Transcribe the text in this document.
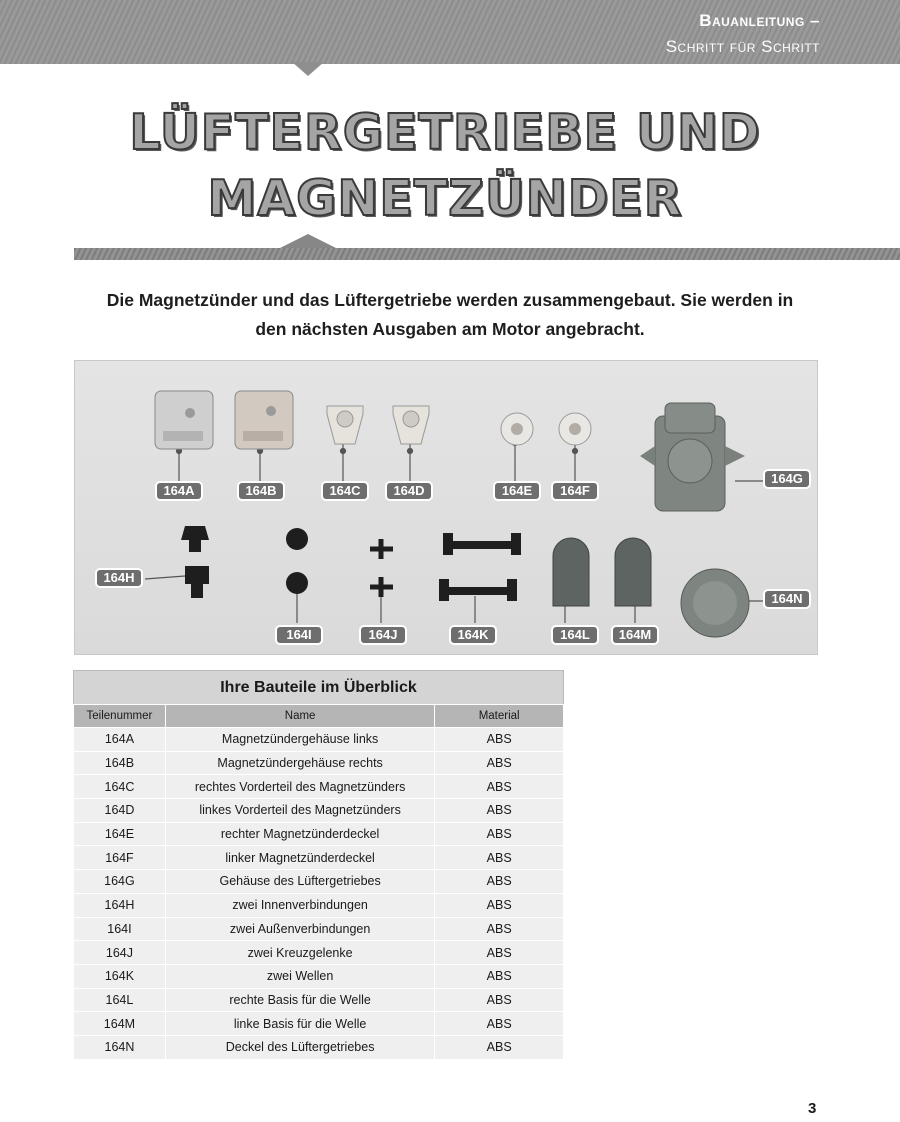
Bauanleitung –
Schritt für Schritt
LÜFTERGETRIEBE UND
MAGNETZÜNDER
Die Magnetzünder und das Lüftergetriebe werden zusammengebaut. Sie werden in
den nächsten Ausgaben am Motor angebracht.
164A	164B	164C	164D	164E	164F
164G
164H
164I	164J	164K	164L	164M
164N
Ihre Bauteile im Überblick
Teilenummer	Name	Material
164A	Magnetzündergehäuse links	ABS
164B	Magnetzündergehäuse rechts	ABS
164C	rechtes Vorderteil des Magnetzünders	ABS
164D	linkes Vorderteil des Magnetzünders	ABS
164E	rechter Magnetzünderdeckel	ABS
164F	linker Magnetzünderdeckel	ABS
164G	Gehäuse des Lüftergetriebes	ABS
164H	zwei Innenverbindungen	ABS
164I	zwei Außenverbindungen	ABS
164J	zwei Kreuzgelenke	ABS
164K	zwei Wellen	ABS
164L	rechte Basis für die Welle	ABS
164M	linke Basis für die Welle	ABS
164N	Deckel des Lüftergetriebes	ABS
3
